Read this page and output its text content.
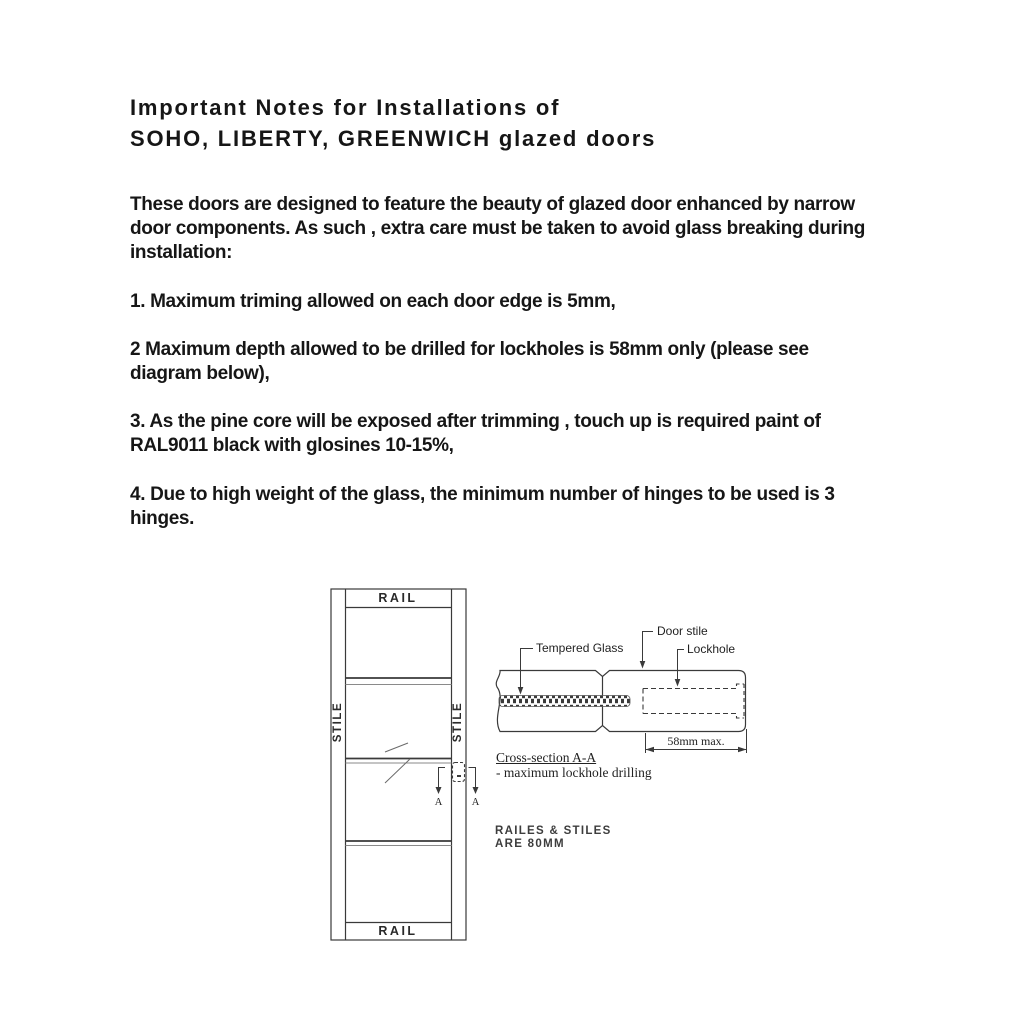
Important Notes for Installations of
SOHO, LIBERTY, GREENWICH glazed doors

These doors are designed to feature the beauty of glazed door enhanced by narrow door components. As such , extra care must be taken to avoid glass breaking during installation:

1. Maximum triming allowed on each door edge is 5mm,

2 Maximum depth allowed to be drilled for lockholes is 58mm only (please see diagram below),

3. As the pine core will be exposed after trimming , touch up is required paint of RAL9011 black with glosines 10-15%,

4. Due to high weight of the glass, the minimum number of hinges to be used is 3 hinges.

RAIL
RAIL
STILE	STILE
A	A
Tempered Glass
Door stile
Lockhole
58mm max.
Cross-section A-A
- maximum lockhole drilling
RAILES & STILES
ARE 80MM
